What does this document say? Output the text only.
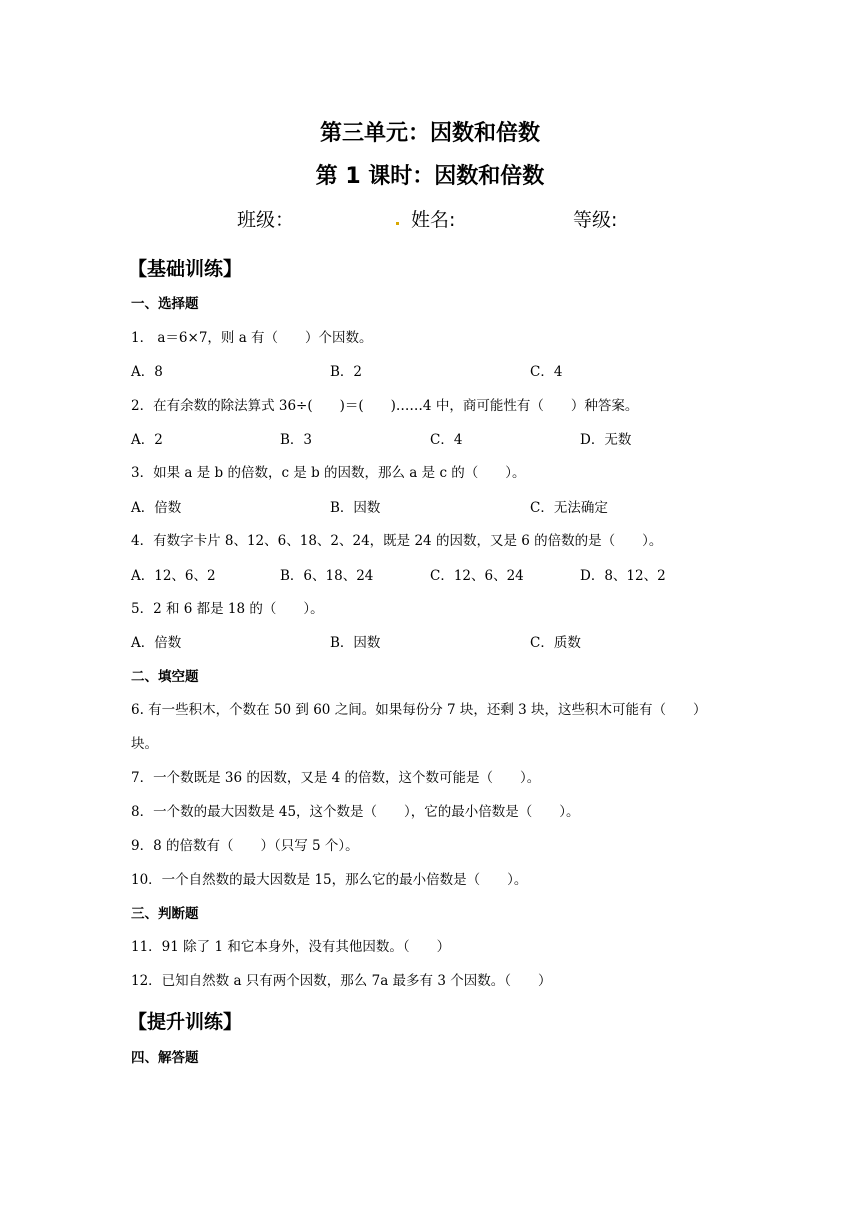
第三单元：因数和倍数
第 1 课时：因数和倍数
班级：	姓名:	等级:
【基础训练】
一、选择题
1． a＝6×7，则 a 有（　　）个因数。
A．8	B．2	C．4
2．在有余数的除法算式 36÷(　　)＝(　　)……4 中，商可能性有（　　）种答案。
A．2	B．3	C．4	D．无数
3．如果 a 是 b 的倍数，c 是 b 的因数，那么 a 是 c 的（　　）。
A．倍数	B．因数	C．无法确定
4．有数字卡片 8、12、6、18、2、24，既是 24 的因数，又是 6 的倍数的是（　　）。
A．12、6、2	B．6、18、24	C．12、6、24	D．8、12、2
5．2 和 6 都是 18 的（　　）。
A．倍数	B．因数	C．质数
二、填空题
6. 有一些积木，个数在 50 到 60 之间。如果每份分 7 块，还剩 3 块，这些积木可能有（　　）
块。
7．一个数既是 36 的因数，又是 4 的倍数，这个数可能是（　　）。
8．一个数的最大因数是 45，这个数是（　　），它的最小倍数是（　　）。
9．8 的倍数有（　　）（只写 5 个）。
10．一个自然数的最大因数是 15，那么它的最小倍数是（　　）。
三、判断题
11．91 除了 1 和它本身外，没有其他因数。（　　）
12．已知自然数 a 只有两个因数，那么 7a 最多有 3 个因数。（　　）
【提升训练】
四、解答题
